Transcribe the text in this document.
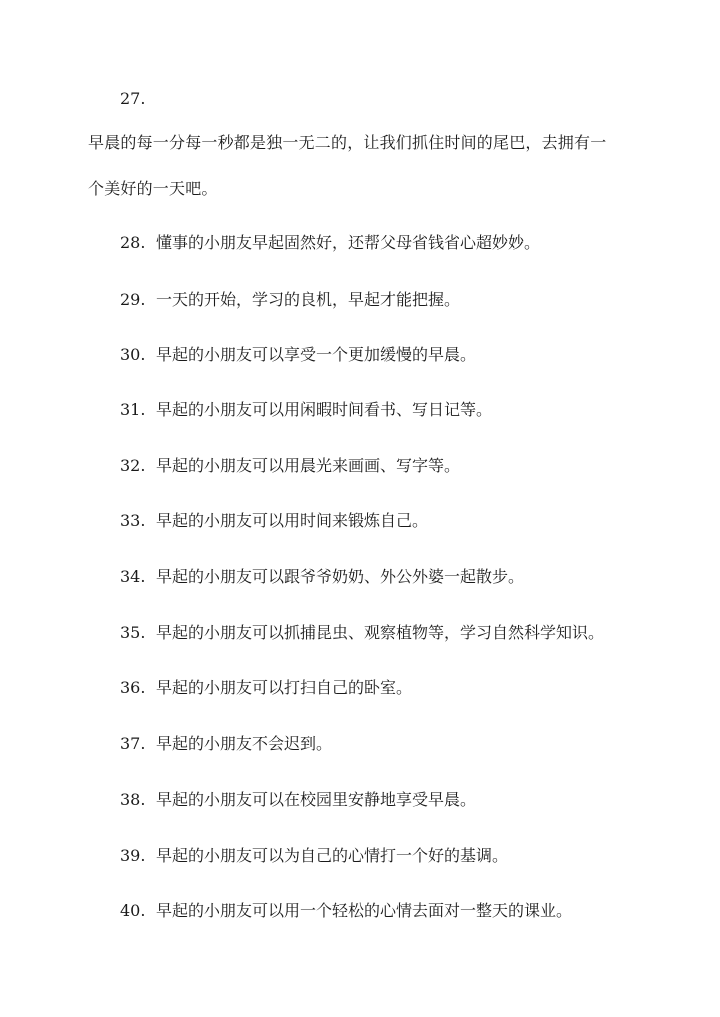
27.
早晨的每一分每一秒都是独一无二的，让我们抓住时间的尾巴，去拥有一
个美好的一天吧。
28. 懂事的小朋友早起固然好，还帮父母省钱省心超妙妙。
29. 一天的开始，学习的良机，早起才能把握。
30. 早起的小朋友可以享受一个更加缓慢的早晨。
31. 早起的小朋友可以用闲暇时间看书、写日记等。
32. 早起的小朋友可以用晨光来画画、写字等。
33. 早起的小朋友可以用时间来锻炼自己。
34. 早起的小朋友可以跟爷爷奶奶、外公外婆一起散步。
35. 早起的小朋友可以抓捕昆虫、观察植物等，学习自然科学知识。
36. 早起的小朋友可以打扫自己的卧室。
37. 早起的小朋友不会迟到。
38. 早起的小朋友可以在校园里安静地享受早晨。
39. 早起的小朋友可以为自己的心情打一个好的基调。
40. 早起的小朋友可以用一个轻松的心情去面对一整天的课业。
